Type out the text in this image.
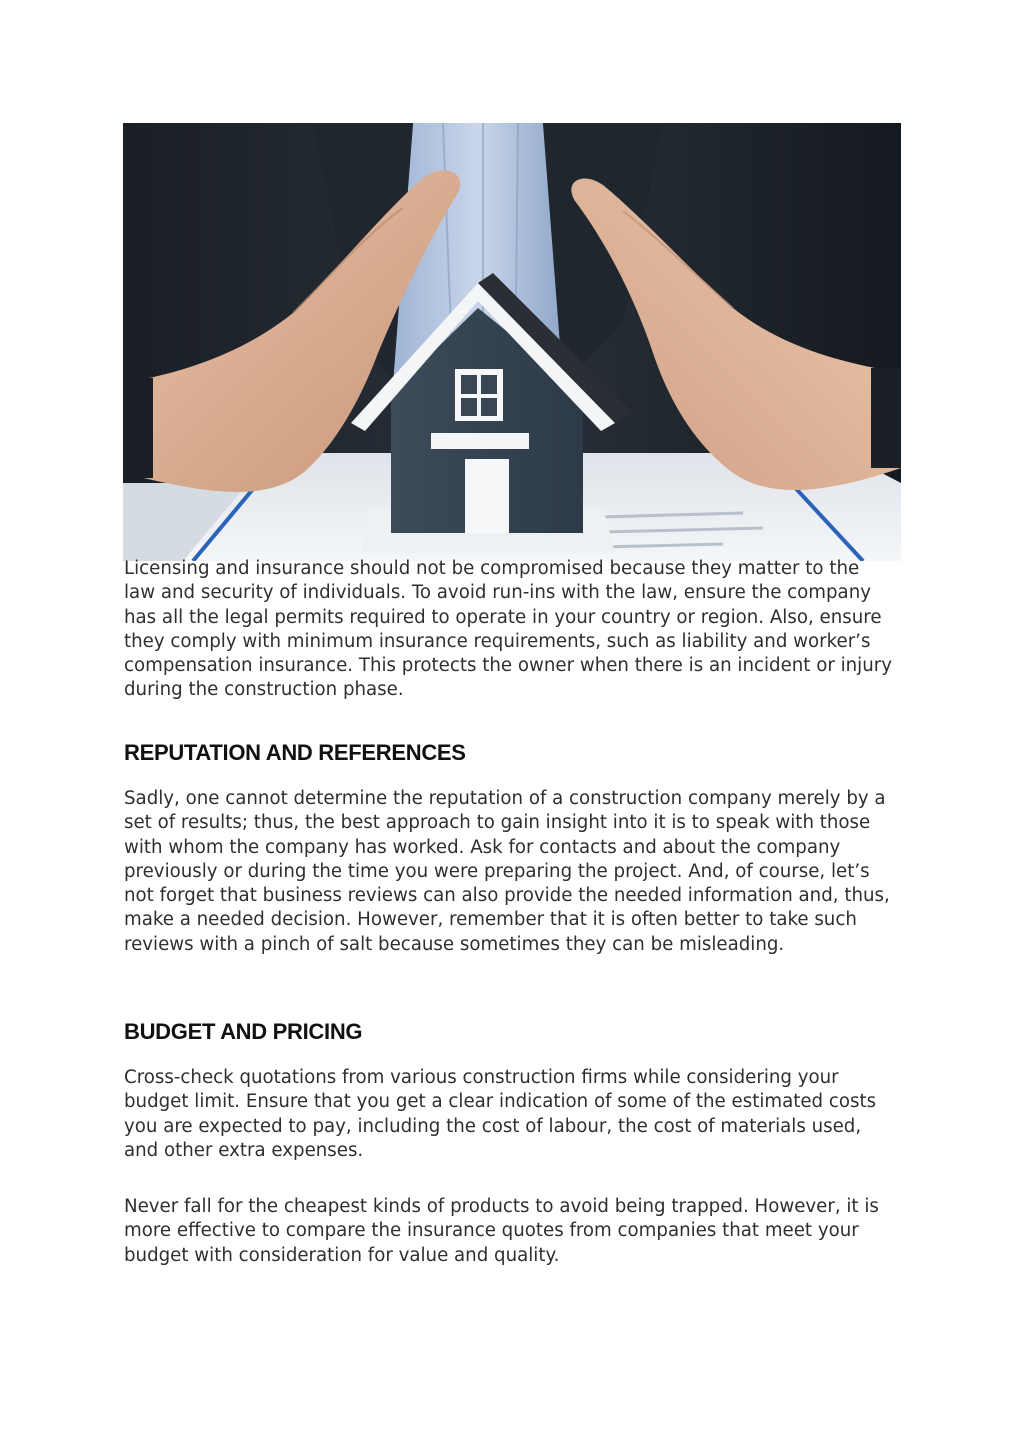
Licensing and insurance should not be compromised because they matter to the law and security of individuals. To avoid run-ins with the law, ensure the company has all the legal permits required to operate in your country or region. Also, ensure they comply with minimum insurance requirements, such as liability and worker’s compensation insurance. This protects the owner when there is an incident or injury during the construction phase.

REPUTATION AND REFERENCES

Sadly, one cannot determine the reputation of a construction company merely by a set of results; thus, the best approach to gain insight into it is to speak with those with whom the company has worked. Ask for contacts and about the company previously or during the time you were preparing the project. And, of course, let’s not forget that business reviews can also provide the needed information and, thus, make a needed decision. However, remember that it is often better to take such reviews with a pinch of salt because sometimes they can be misleading.

BUDGET AND PRICING

Cross-check quotations from various construction firms while considering your budget limit. Ensure that you get a clear indication of some of the estimated costs you are expected to pay, including the cost of labour, the cost of materials used, and other extra expenses.

Never fall for the cheapest kinds of products to avoid being trapped. However, it is more effective to compare the insurance quotes from companies that meet your budget with consideration for value and quality.
